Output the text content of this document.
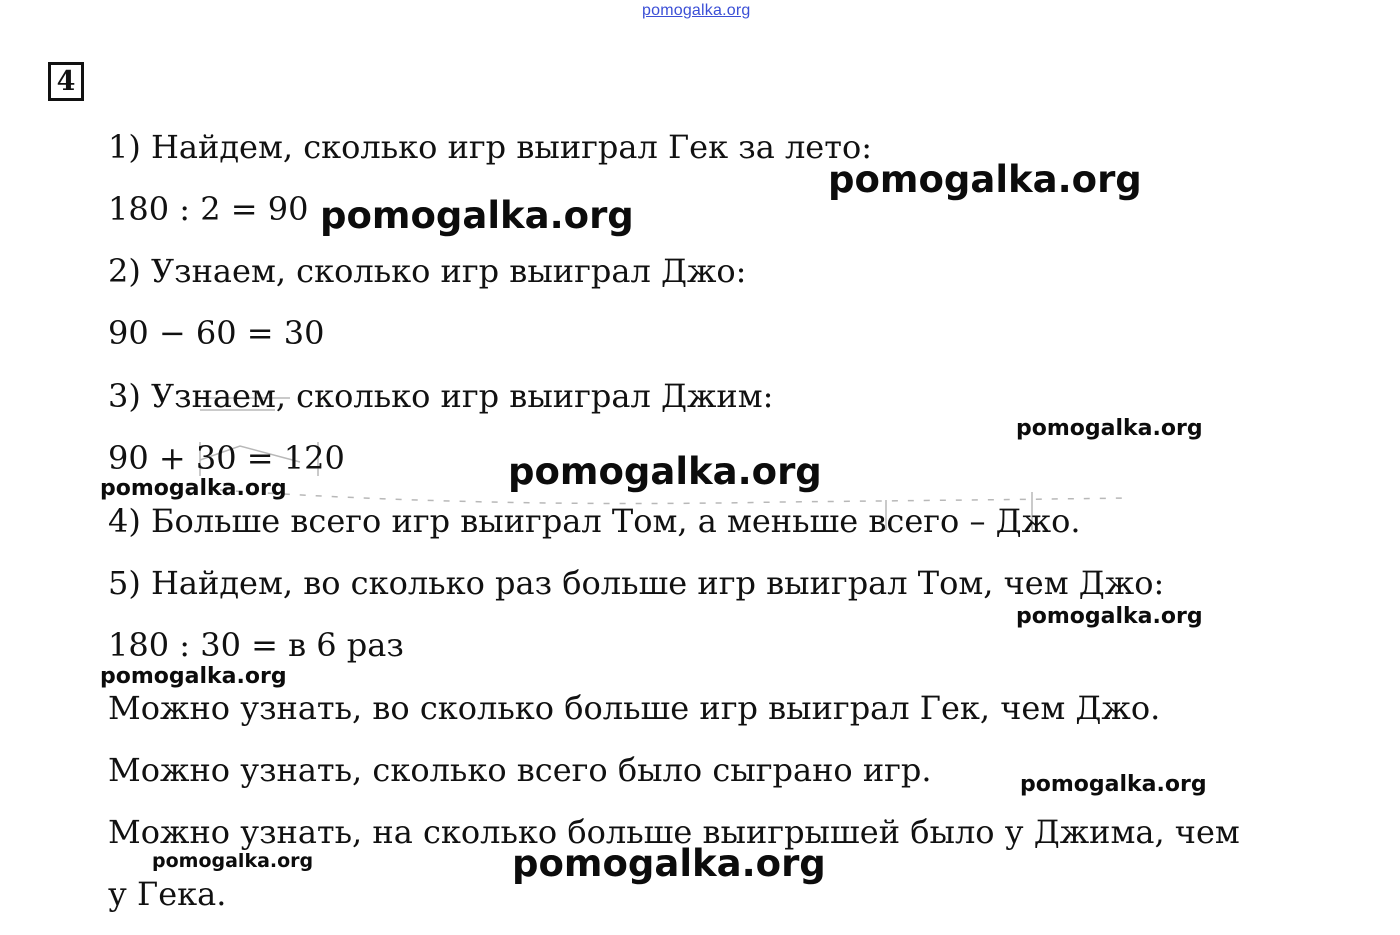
pomogalka.org
4
1) Найдем, сколько игр выиграл Гек за лето:
180 : 2 = 90
2) Узнаем, сколько игр выиграл Джо:
90 − 60 = 30
3) Узнаем, сколько игр выиграл Джим:
90 + 30 = 120
4) Больше всего игр выиграл Том, а меньше всего – Джо.
5) Найдем, во сколько раз больше игр выиграл Том, чем Джо:
180 : 30 = в 6 раз
Можно узнать, во сколько больше игр выиграл Гек, чем Джо.
Можно узнать, сколько всего было сыграно игр.
Можно узнать, на сколько больше выигрышей было у Джима, чем
у Гека.
pomogalka.org
pomogalka.org
pomogalka.org
pomogalka.org
pomogalka.org
pomogalka.org
pomogalka.org
pomogalka.org
pomogalka.org	pomogalka.org
